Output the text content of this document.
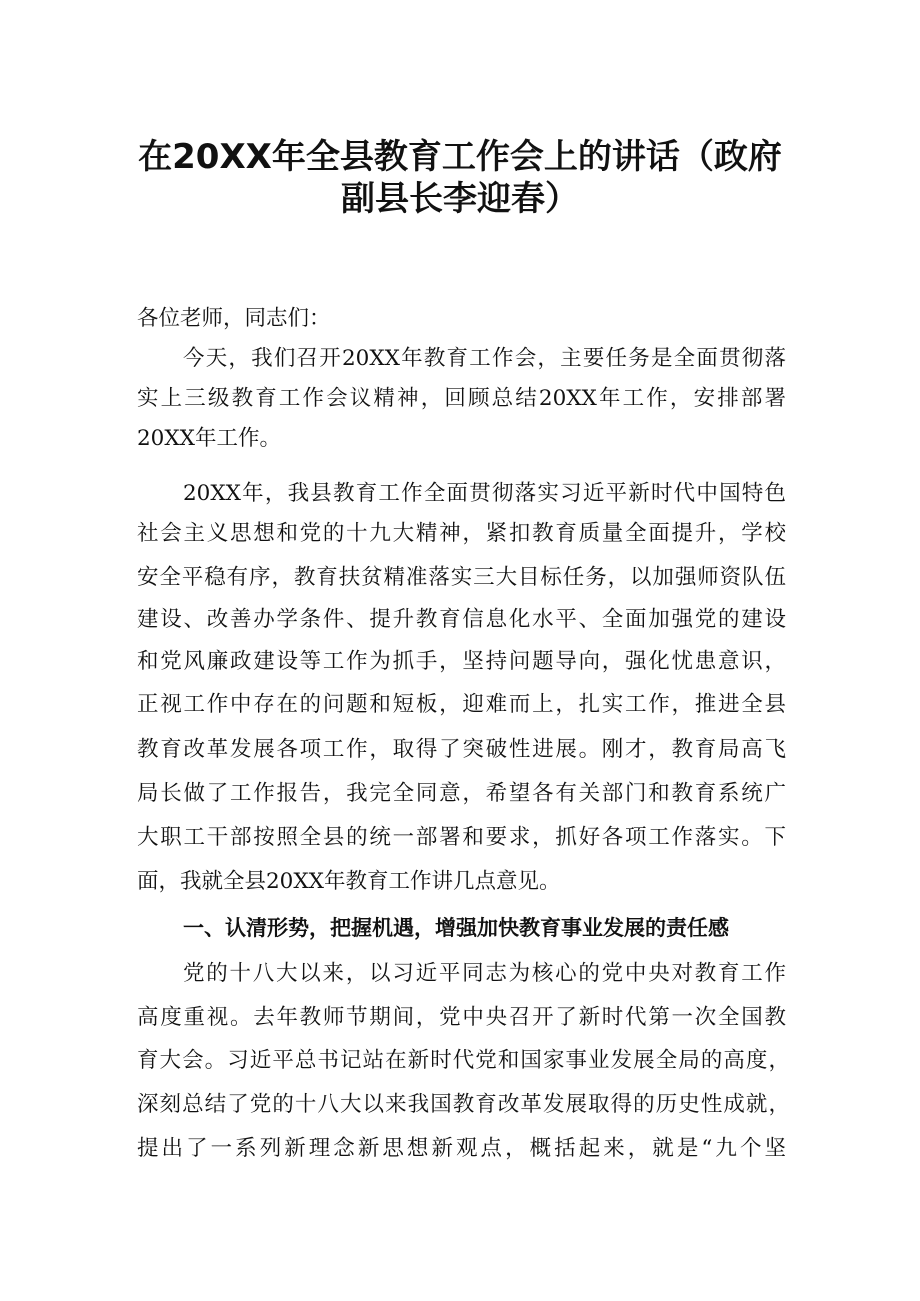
在20XX年全县教育工作会上的讲话（政府
副县长李迎春）
各位老师，同志们：
今天，我们召开20XX年教育工作会，主要任务是全面贯彻落
实上三级教育工作会议精神，回顾总结20XX年工作，安排部署
20XX年工作。
20XX年，我县教育工作全面贯彻落实习近平新时代中国特色
社会主义思想和党的十九大精神，紧扣教育质量全面提升，学校
安全平稳有序，教育扶贫精准落实三大目标任务，以加强师资队伍
建设、改善办学条件、提升教育信息化水平、全面加强党的建设
和党风廉政建设等工作为抓手，坚持问题导向，强化忧患意识，
正视工作中存在的问题和短板，迎难而上，扎实工作，推进全县
教育改革发展各项工作，取得了突破性进展。刚才，教育局高飞
局长做了工作报告，我完全同意，希望各有关部门和教育系统广
大职工干部按照全县的统一部署和要求，抓好各项工作落实。下
面，我就全县20XX年教育工作讲几点意见。
一、认清形势，把握机遇，增强加快教育事业发展的责任感
党的十八大以来，以习近平同志为核心的党中央对教育工作
高度重视。去年教师节期间，党中央召开了新时代第一次全国教
育大会。习近平总书记站在新时代党和国家事业发展全局的高度，
深刻总结了党的十八大以来我国教育改革发展取得的历史性成就，
提出了一系列新理念新思想新观点，概括起来，就是“九个坚
